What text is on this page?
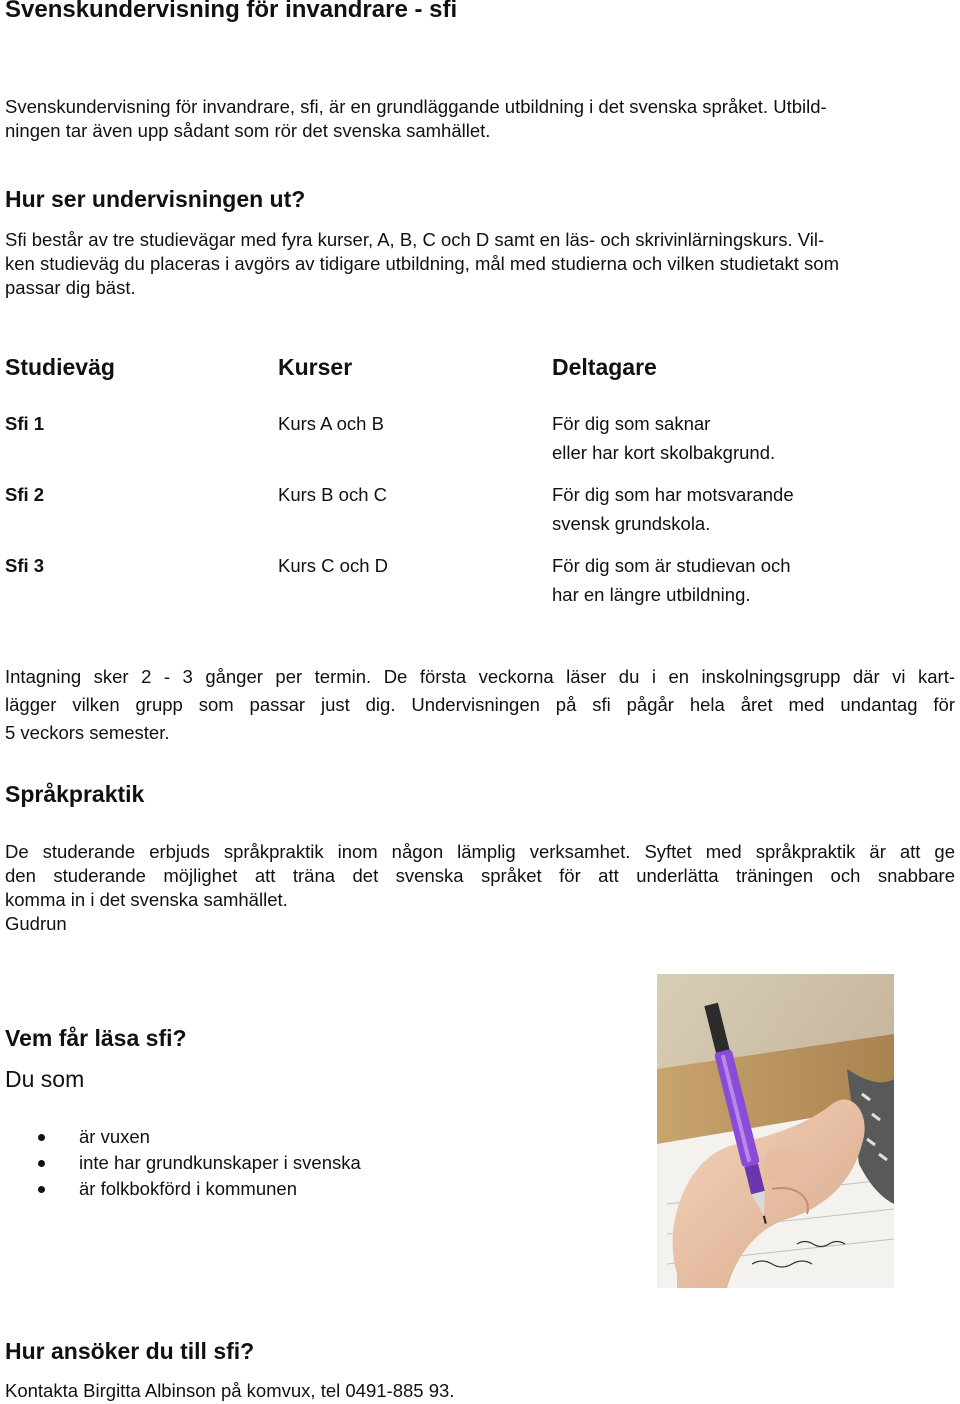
Svenskundervisning för invandrare - sfi
Svenskundervisning för invandrare, sfi, är en grundläggande utbildning i det svenska språket. Utbild-
ningen tar även upp sådant som rör det svenska samhället.
Hur ser undervisningen ut?
Sfi består av tre studievägar med fyra kurser, A, B, C och D samt en läs- och skrivinlärningskurs. Vil-
ken studieväg du placeras i avgörs av tidigare utbildning, mål med studierna och vilken studietakt som
passar dig bäst.
Studieväg	Kurser	Deltagare
Sfi 1	Kurs A och B	För dig som saknar
eller har kort skolbakgrund.
Sfi 2	Kurs B och C	För dig som har motsvarande
svensk grundskola.
Sfi 3	Kurs C och D	För dig som är studievan och
har en längre utbildning.
Intagning sker 2 - 3 gånger per termin. De första veckorna läser du i en inskolningsgrupp där vi kart-
lägger vilken grupp som passar just dig. Undervisningen på sfi pågår hela året med undantag för
5 veckors semester.
Språkpraktik
De studerande erbjuds språkpraktik inom någon lämplig verksamhet. Syftet med språkpraktik är att ge
den studerande möjlighet att träna det svenska språket för att underlätta träningen och snabbare
komma in i det svenska samhället.
Gudrun
Vem får läsa sfi?
Du som
är vuxen
inte har grundkunskaper i svenska
är folkbokförd i kommunen
Hur ansöker du till sfi?
Kontakta Birgitta Albinson på komvux, tel 0491-885 93.
